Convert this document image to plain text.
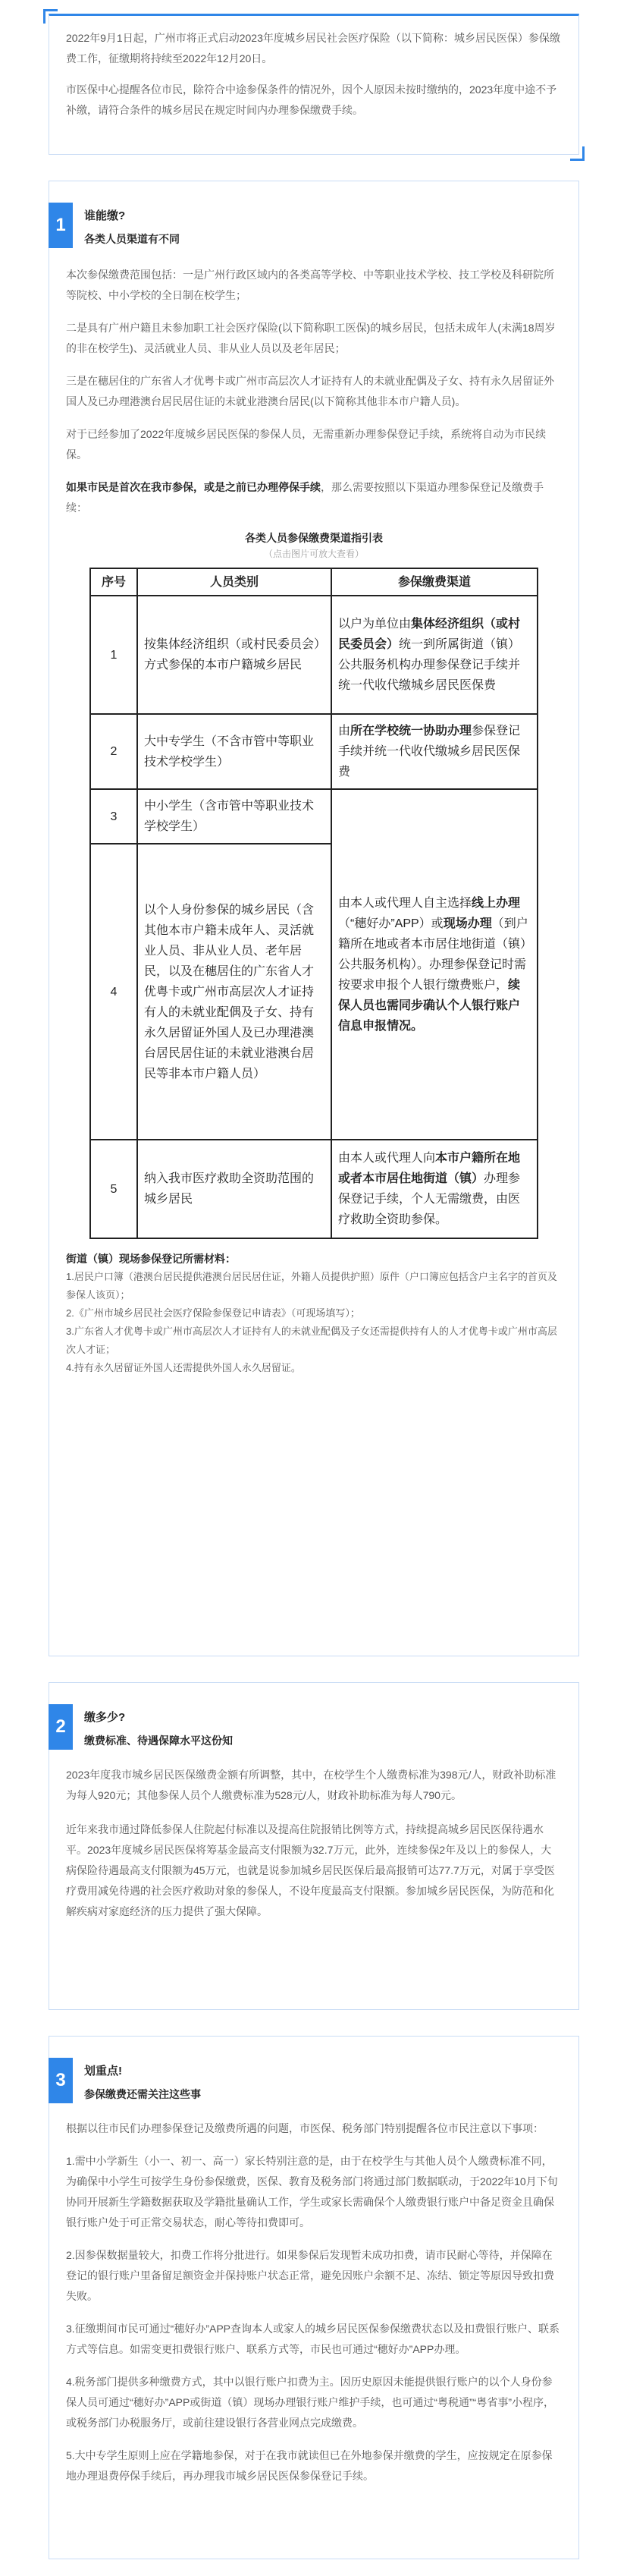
2022年9月1日起，广州市将正式启动2023年度城乡居民社会医疗保险（以下简称：城乡居民医保）参保缴费工作，征缴期将持续至2022年12月20日。

市医保中心提醒各位市民，除符合中途参保条件的情况外，因个人原因未按时缴纳的，2023年度中途不予补缴，请符合条件的城乡居民在规定时间内办理参保缴费手续。

1	谁能缴?
各类人员渠道有不同

本次参保缴费范围包括：一是广州行政区域内的各类高等学校、中等职业技术学校、技工学校及科研院所等院校、中小学校的全日制在校学生；

二是具有广州户籍且未参加职工社会医疗保险(以下简称职工医保)的城乡居民，包括未成年人(未满18周岁的非在校学生)、灵活就业人员、非从业人员以及老年居民；

三是在穗居住的广东省人才优粤卡或广州市高层次人才证持有人的未就业配偶及子女、持有永久居留证外国人及已办理港澳台居民居住证的未就业港澳台居民(以下简称其他非本市户籍人员)。

对于已经参加了2022年度城乡居民医保的参保人员，无需重新办理参保登记手续，系统将自动为市民续保。

如果市民是首次在我市参保，或是之前已办理停保手续，那么需要按照以下渠道办理参保登记及缴费手续：

各类人员参保缴费渠道指引表
（点击图片可放大查看）
序号	人员类别	参保缴费渠道
1	按集体经济组织（或村民委员会）方式参保的本市户籍城乡居民	以户为单位由集体经济组织（或村民委员会）统一到所属街道（镇）公共服务机构办理参保登记手续并统一代收代缴城乡居民医保费
2	大中专学生（不含市管中等职业技术学校学生）	由所在学校统一协助办理参保登记手续并统一代收代缴城乡居民医保费
3	中小学生（含市管中等职业技术学校学生）	由本人或代理人自主选择线上办理（“穗好办”APP）或现场办理（到户籍所在地或者本市居住地街道（镇）公共服务机构）。办理参保登记时需按要求申报个人银行缴费账户，续保人员也需同步确认个人银行账户信息申报情况。
4	以个人身份参保的城乡居民（含其他本市户籍未成年人、灵活就业人员、非从业人员、老年居民，以及在穗居住的广东省人才优粤卡或广州市高层次人才证持有人的未就业配偶及子女、持有永久居留证外国人及已办理港澳台居民居住证的未就业港澳台居民等非本市户籍人员）	
5	纳入我市医疗救助全资助范围的城乡居民	由本人或代理人向本市户籍所在地或者本市居住地街道（镇）办理参保登记手续，个人无需缴费，由医疗救助全资助参保。
街道（镇）现场参保登记所需材料：
1.居民户口簿（港澳台居民提供港澳台居民居住证，外籍人员提供护照）原件（户口簿应包括含户主名字的首页及参保人该页）；
2.《广州市城乡居民社会医疗保险参保登记申请表》（可现场填写）；
3.广东省人才优粤卡或广州市高层次人才证持有人的未就业配偶及子女还需提供持有人的人才优粤卡或广州市高层次人才证；
4.持有永久居留证外国人还需提供外国人永久居留证。
2	缴多少?
缴费标准、待遇保障水平这份知

2023年度我市城乡居民医保缴费金额有所调整，其中，在校学生个人缴费标准为398元/人，财政补助标准为每人920元；其他参保人员个人缴费标准为528元/人，财政补助标准为每人790元。

近年来我市通过降低参保人住院起付标准以及提高住院报销比例等方式，持续提高城乡居民医保待遇水平。2023年度城乡居民医保将筹基金最高支付限额为32.7万元，此外，连续参保2年及以上的参保人，大病保险待遇最高支付限额为45万元，也就是说参加城乡居民医保后最高报销可达77.7万元，对属于享受医疗费用减免待遇的社会医疗救助对象的参保人，不设年度最高支付限额。参加城乡居民医保，为防范和化解疾病对家庭经济的压力提供了强大保障。

3	划重点!
参保缴费还需关注这些事

根据以往市民们办理参保登记及缴费所遇的问题，市医保、税务部门特别提醒各位市民注意以下事项：

1.需中小学新生（小一、初一、高一）家长特别注意的是，由于在校学生与其他人员个人缴费标准不同，为确保中小学生可按学生身份参保缴费，医保、教育及税务部门将通过部门数据联动，于2022年10月下旬协同开展新生学籍数据获取及学籍批量确认工作，学生或家长需确保个人缴费银行账户中备足资金且确保银行账户处于可正常交易状态，耐心等待扣费即可。

2.因参保数据量较大，扣费工作将分批进行。如果参保后发现暂未成功扣费，请市民耐心等待，并保障在登记的银行账户里备留足额资金并保持账户状态正常，避免因账户余额不足、冻结、锁定等原因导致扣费失败。

3.征缴期间市民可通过“穗好办”APP查询本人或家人的城乡居民医保参保缴费状态以及扣费银行账户、联系方式等信息。如需变更扣费银行账户、联系方式等，市民也可通过“穗好办”APP办理。

4.税务部门提供多种缴费方式，其中以银行账户扣费为主。因历史原因未能提供银行账户的以个人身份参保人员可通过“穗好办”APP或街道（镇）现场办理银行账户维护手续，也可通过“粤税通”“粤省事”小程序，或税务部门办税服务厅，或前往建设银行各营业网点完成缴费。

5.大中专学生原则上应在学籍地参保，对于在我市就读但已在外地参保并缴费的学生，应按规定在原参保地办理退费停保手续后，再办理我市城乡居民医保参保登记手续。
